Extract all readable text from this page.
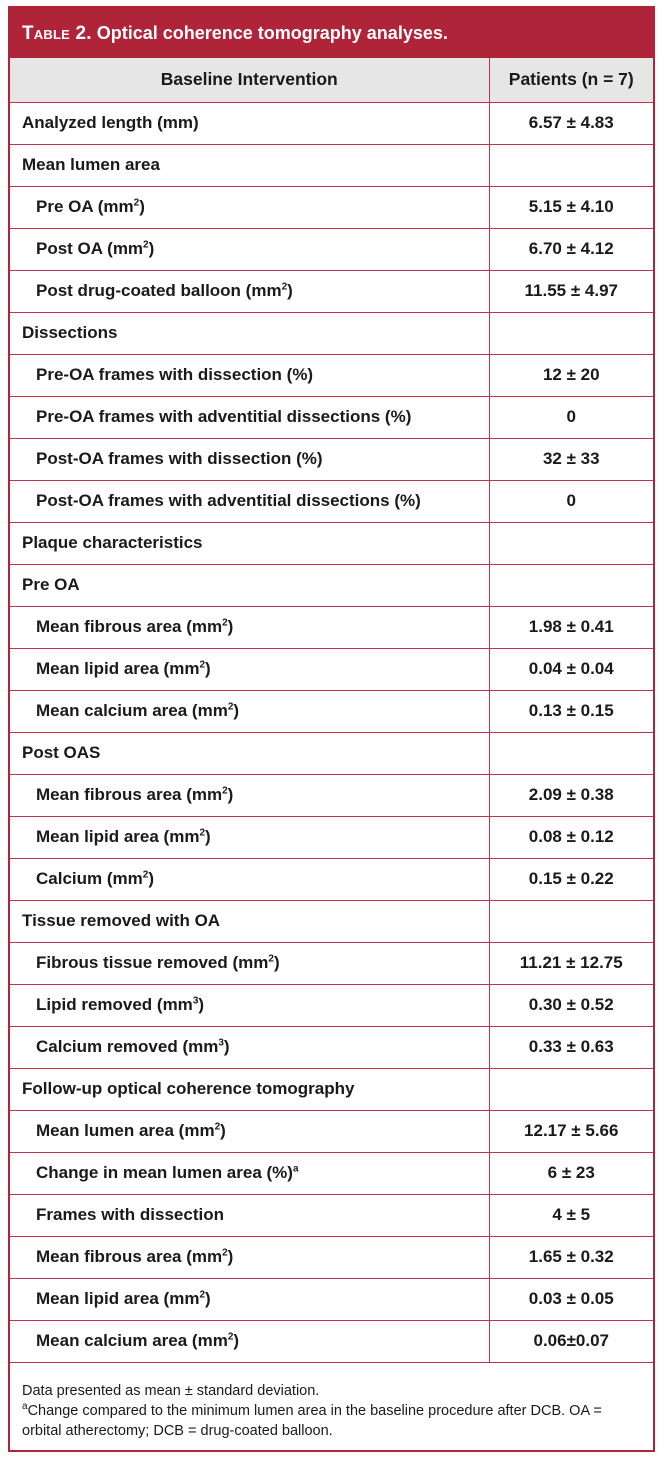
Table 2. Optical coherence tomography analyses.
Baseline Intervention	Patients (n = 7)
Analyzed length (mm)	6.57 ± 4.83
Mean lumen area	
Pre OA $(mm^2)$	5.15 ± 4.10
Post OA $(mm^2)$	6.70 ± 4.12
Post drug-coated balloon $(mm^2)$	11.55 ± 4.97
Dissections	
Pre-OA frames with dissection (%)	12 ± 20
Pre-OA frames with adventitial dissections (%)	0
Post-OA frames with dissection (%)	32 ± 33
Post-OA frames with adventitial dissections (%)	0
Plaque characteristics	
Pre OA	
Mean fibrous area $(mm^2)$	1.98 ± 0.41
Mean lipid area $(mm^2)$	0.04 ± 0.04
Mean calcium area $(mm^2)$	0.13 ± 0.15
Post OAS	
Mean fibrous area $(mm^2)$	2.09 ± 0.38
Mean lipid area $(mm^2)$	0.08 ± 0.12
Calcium $(mm^2)$	0.15 ± 0.22
Tissue removed with OA	
Fibrous tissue removed $(mm^2)$	11.21 ± 12.75
Lipid removed $(mm^3)$	0.30 ± 0.52
Calcium removed $(mm^3)$	0.33 ± 0.63
Follow-up optical coherence tomography	
Mean lumen area $(mm^2)$	12.17 ± 5.66
Change in mean lumen area (%)$^a$	6 ± 23
Frames with dissection	4 ± 5
Mean fibrous area $(mm^2)$	1.65 ± 0.32
Mean lipid area $(mm^2)$	0.03 ± 0.05
Mean calcium area $(mm^2)$	0.06±0.07

Data presented as mean ± standard deviation.

$^a$Change compared to the minimum lumen area in the baseline procedure after DCB. OA = orbital atherectomy; DCB = drug-coated balloon.
